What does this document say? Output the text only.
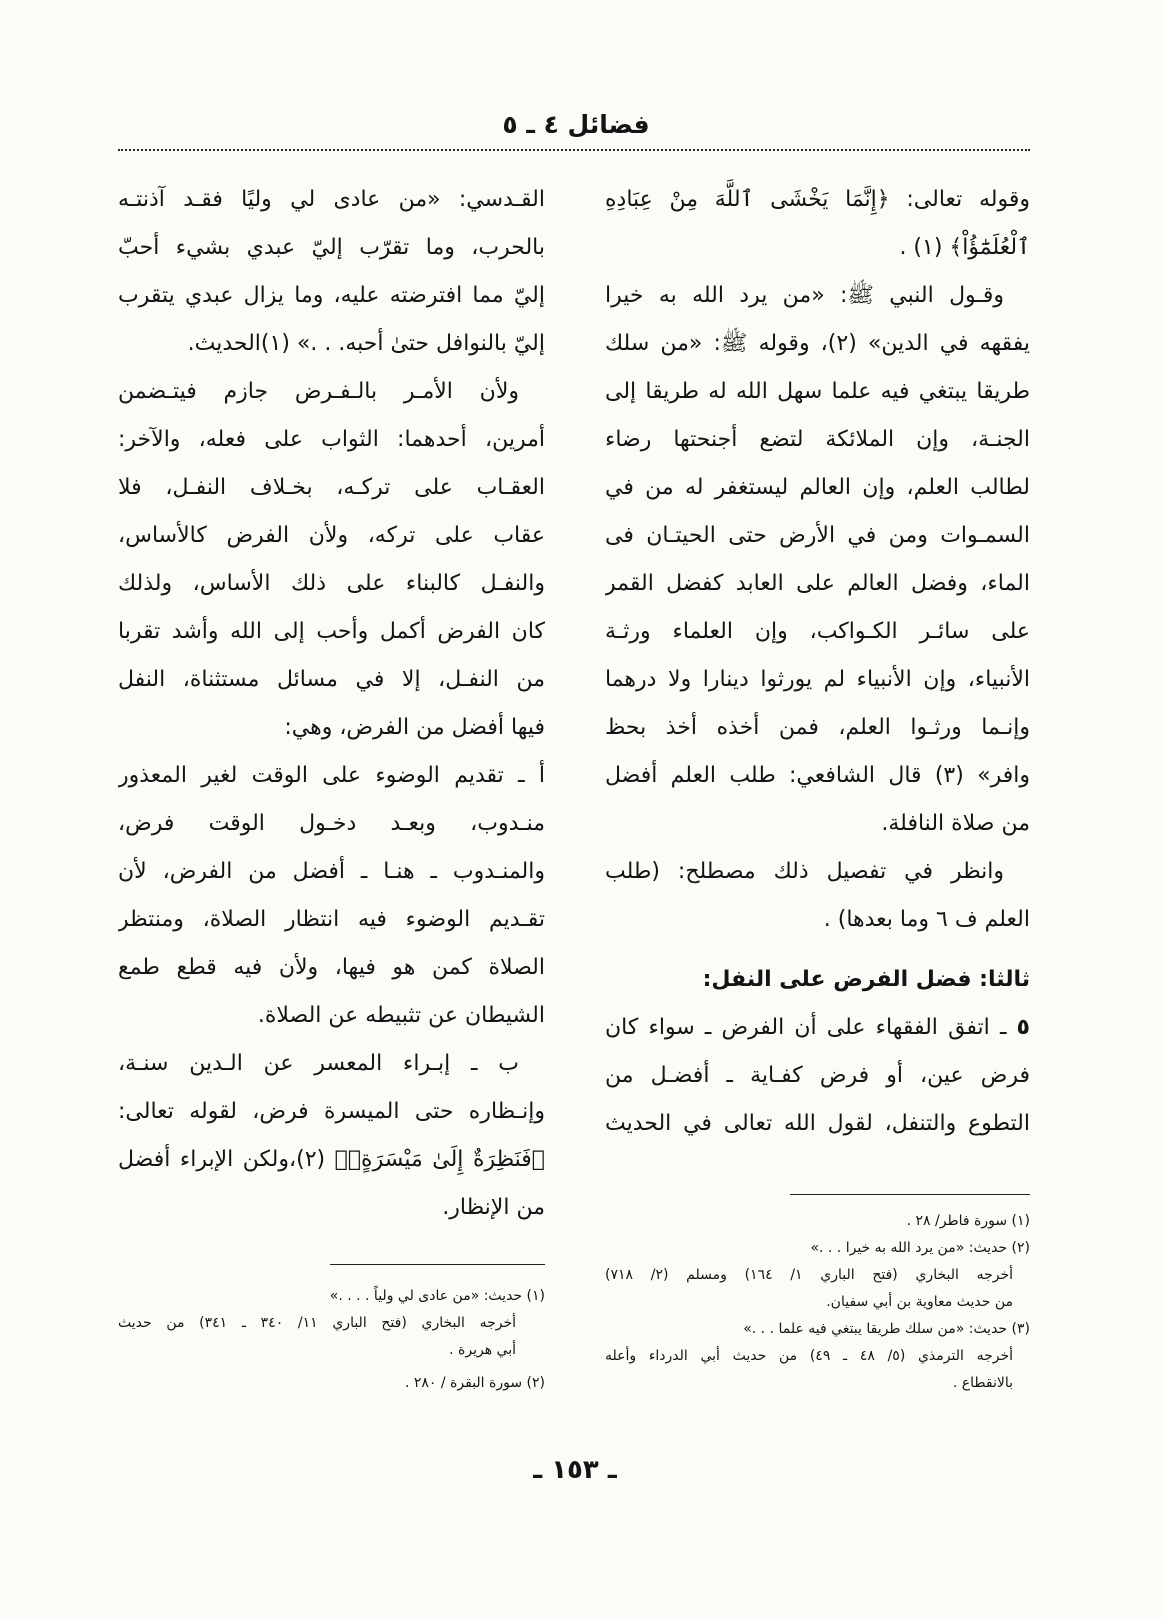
فضائل ٤ ـ ٥
وقوله تعالى: ﴿إِنَّمَا يَخْشَى ٱللَّهَ مِنْ عِبَادِهِ
ٱلْعُلَمَٰٓؤُاْ﴾ (١) .
وقـول النبي ﷺ: «من يرد الله به خيرا
يفقهه في الدين» (٢)، وقوله ﷺ: «من سلك
طريقا يبتغي فيه علما سهل الله له طريقا إلى
الجنـة، وإن الملائكة لتضع أجنحتها رضاء
لطالب العلم، وإن العالم ليستغفر له من في
السمـوات ومن في الأرض حتى الحيتـان فى
الماء، وفضل العالم على العابد كفضل القمر
على سائـر الكـواكب، وإن العلماء ورثـة
الأنبياء، وإن الأنبياء لم يورثوا دينارا ولا درهما
وإنـما ورثـوا العلم، فمن أخذه أخذ بحظ
وافر» (٣) قال الشافعي: طلب العلم أفضل
من صلاة النافلة.
وانظر في تفصيل ذلك مصطلح: (طلب
العلم ف ٦ وما بعدها) .
ثالثا: فضل الفرض على النفل:
٥ ـ اتفق الفقهاء على أن الفرض ـ سواء كان
فرض عين، أو فرض كفـاية ـ أفضـل من
التطوع والتنفل، لقول الله تعالى في الحديث
القـدسي: «من عادى لي وليًا فقـد آذنتـه
بالحرب، وما تقرّب إليّ عبدي بشيء أحبّ
إليّ مما افترضته عليه، وما يزال عبدي يتقرب
إليّ بالنوافل حتىٰ أحبه. . .» (١)الحديث.
ولأن الأمـر بالـفـرض جازم فيتـضمن
أمرين، أحدهما: الثواب على فعله، والآخر:
العقـاب على تركـه، بخـلاف النفـل، فلا
عقاب على تركه، ولأن الفرض كالأساس،
والنفـل كالبناء على ذلك الأساس، ولذلك
كان الفرض أكمل وأحب إلى الله وأشد تقربا
من النفـل، إلا في مسائل مستثناة، النفل
فيها أفضل من الفرض، وهي:
أ ـ تقديم الوضوء على الوقت لغير المعذور
منـدوب، وبعـد دخـول الوقت فرض،
والمنـدوب ـ هنـا ـ أفضل من الفرض، لأن
تقـديم الوضوء فيه انتظار الصلاة، ومنتظر
الصلاة كمن هو فيها، ولأن فيه قطع طمع
الشيطان عن تثبيطه عن الصلاة.
ب ـ إبـراء المعسر عن الـدين سنـة،
وإنـظاره حتى الميسرة فرض، لقوله تعالى:
﴿فَنَظِرَةٌ إِلَىٰ مَيْسَرَةٍۚ﴾ (٢)،ولكن الإبراء أفضل
من الإنظار.
(١) سورة فاطر/ ٢٨ .
(٢) حديث: «من يرد الله به خيرا . . .»
أخرجه البخاري (فتح الباري ١/ ١٦٤) ومسلم (٢/ ٧١٨)
من حديث معاوية بن أبي سفيان.
(٣) حديث: «من سلك طريقا يبتغي فيه علما . . .»
أخرجه الترمذي (٥/ ٤٨ ـ ٤٩) من حديث أبي الدرداء وأعله
بالانقطاع .
(١) حديث: «من عادى لي ولياً . . . .»
أخرجه البخاري (فتح الباري ١١/ ٣٤٠ ـ ٣٤١) من حديث
أبي هريرة .
(٢) سورة البقرة / ٢٨٠ .
ـ ١٥٣ ـ
